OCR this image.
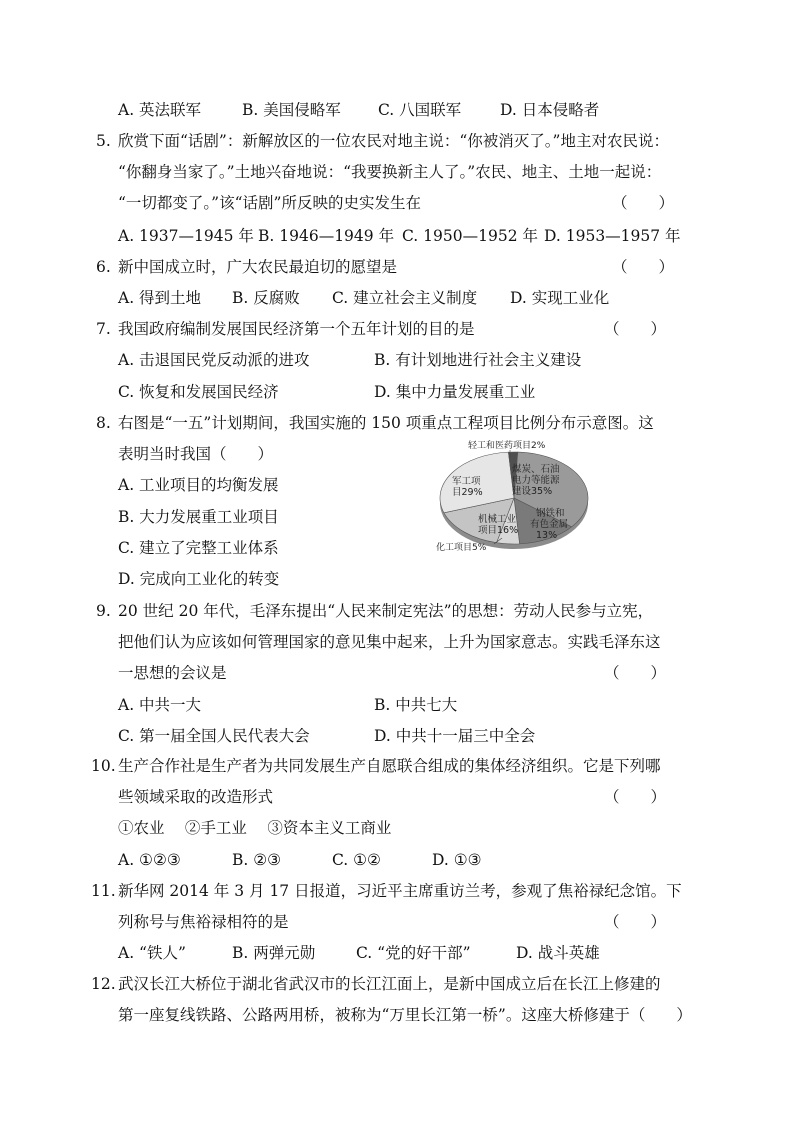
A. 英法联军	B. 美国侵略军 C. 八国联军	D. 日本侵略者
5. 欣赏下面“话剧”：新解放区的一位农民对地主说：“你被消灭了。”地主对农民说：
“你翻身当家了。”土地兴奋地说：“我要换新主人了。”农民、地主、土地一起说：
“一切都变了。”该“话剧”所反映的史实发生在	（　　）
A. 1937—1945 年 B. 1946—1949 年 C. 1950—1952 年 D. 1953—1957 年
6. 新中国成立时，广大农民最迫切的愿望是	（　　）
A. 得到土地 B. 反腐败 C. 建立社会主义制度 D. 实现工业化
7. 我国政府编制发展国民经济第一个五年计划的目的是	（　　）
A. 击退国民党反动派的进攻	B. 有计划地进行社会主义建设
C. 恢复和发展国民经济	D. 集中力量发展重工业
8. 右图是“一五”计划期间，我国实施的 150 项重点工程项目比例分布示意图。这
表明当时我国（　　）
A. 工业项目的均衡发展
B. 大力发展重工业项目
C. 建立了完整工业体系
D. 完成向工业化的转变
轻工和医药项目2%
煤炭、石油
电力等能源
建设35%
军工项
目29%
机械工业
项目16%
钢铁和
有色金属
13%
化工项目5%
9. 20 世纪 20 年代，毛泽东提出“人民来制定宪法”的思想：劳动人民参与立宪，
把他们认为应该如何管理国家的意见集中起来，上升为国家意志。实践毛泽东这
一思想的会议是	（　　）
A. 中共一大	B. 中共七大
C. 第一届全国人民代表大会	D. 中共十一届三中全会
10. 生产合作社是生产者为共同发展生产自愿联合组成的集体经济组织。它是下列哪
些领域采取的改造形式	（　　）
①农业　 ②手工业　 ③资本主义工商业
A. ①②③	B. ②③	C. ①②	D. ①③
11. 新华网 2014 年 3 月 17 日报道，习近平主席重访兰考，参观了焦裕禄纪念馆。下
列称号与焦裕禄相符的是	（　　）
A. “铁人”	B. 两弹元勋	C. “党的好干部”	D. 战斗英雄
12. 武汉长江大桥位于湖北省武汉市的长江江面上，是新中国成立后在长江上修建的
第一座复线铁路、公路两用桥，被称为“万里长江第一桥”。这座大桥修建于（　　）
